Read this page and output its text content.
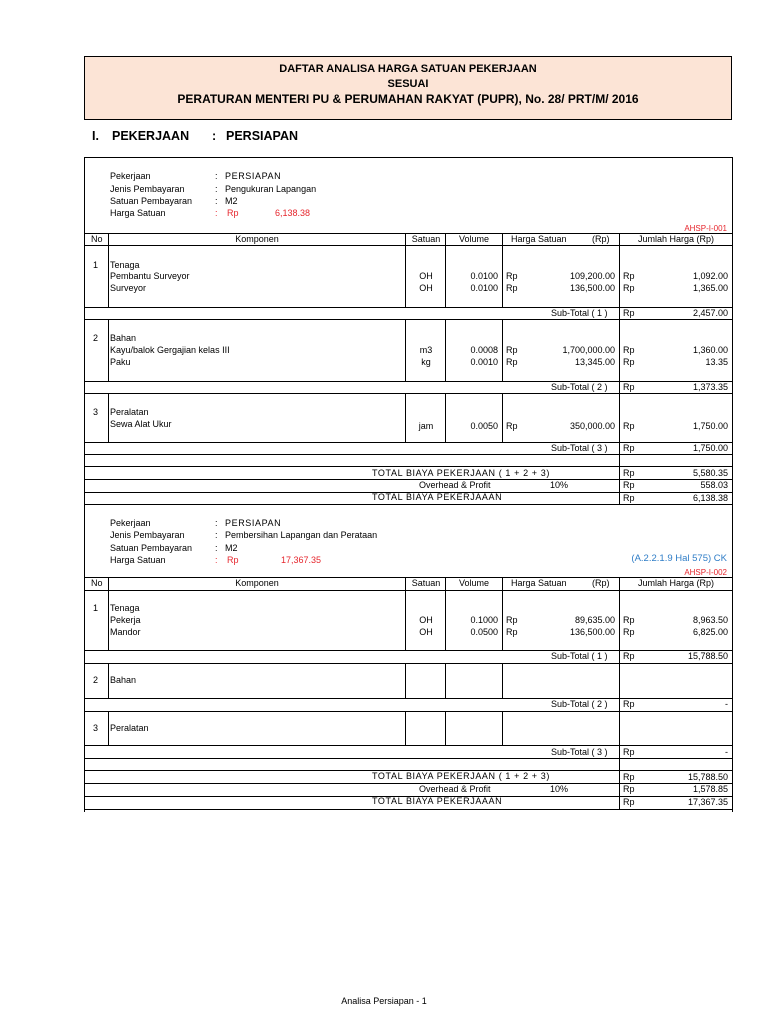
DAFTAR ANALISA HARGA SATUAN PEKERJAAN
SESUAI
PERATURAN MENTERI PU & PERUMAHAN RAKYAT (PUPR), No. 28/ PRT/M/ 2016
I. PEKERJAAN : PERSIAPAN
Pekerjaan	: PERSIAPAN
Jenis Pembayaran	: Pengukuran Lapangan
Satuan Pembayaran	: M2
Harga Satuan	: Rp	6,138.38
AHSP-I-001
No	Komponen	Satuan	Volume	Harga Satuan	(Rp)	Jumlah Harga (Rp)
1 Tenaga
Pembantu Surveyor	OH	0.0100 Rp	109,200.00 Rp	1,092.00
Surveyor	OH	0.0100 Rp	136,500.00 Rp	1,365.00
Sub-Total ( 1 ) Rp	2,457.00
2 Bahan
Kayu/balok Gergajian kelas III	m3	0.0008 Rp	1,700,000.00 Rp	1,360.00
Paku	kg	0.0010 Rp	13,345.00 Rp	13.35
Sub-Total ( 2 ) Rp	1,373.35
3 Peralatan
Sewa Alat Ukur	jam	0.0050 Rp	350,000.00 Rp	1,750.00
Sub-Total ( 3 ) Rp	1,750.00
TOTAL BIAYA PEKERJAAN ( 1 + 2 + 3)	Rp	5,580.35
Overhead & Profit	10%	Rp	558.03
TOTAL BIAYA PEKERJAAAN	Rp	6,138.38
Pekerjaan	: PERSIAPAN
Jenis Pembayaran	: Pembersihan Lapangan dan Perataan
Satuan Pembayaran	: M2
Harga Satuan	: Rp	17,367.35	(A.2.2.1.9 Hal 575) CK
AHSP-I-002
No	Komponen	Satuan	Volume	Harga Satuan	(Rp)	Jumlah Harga (Rp)
1 Tenaga
Pekerja	OH	0.1000 Rp	89,635.00 Rp	8,963.50
Mandor	OH	0.0500 Rp	136,500.00 Rp	6,825.00
Sub-Total ( 1 ) Rp	15,788.50
2 Bahan
Sub-Total ( 2 ) Rp	-
3 Peralatan
Sub-Total ( 3 ) Rp	-
TOTAL BIAYA PEKERJAAN ( 1 + 2 + 3)	Rp	15,788.50
Overhead & Profit	10%	Rp	1,578.85
TOTAL BIAYA PEKERJAAAN	Rp	17,367.35
Analisa Persiapan - 1
